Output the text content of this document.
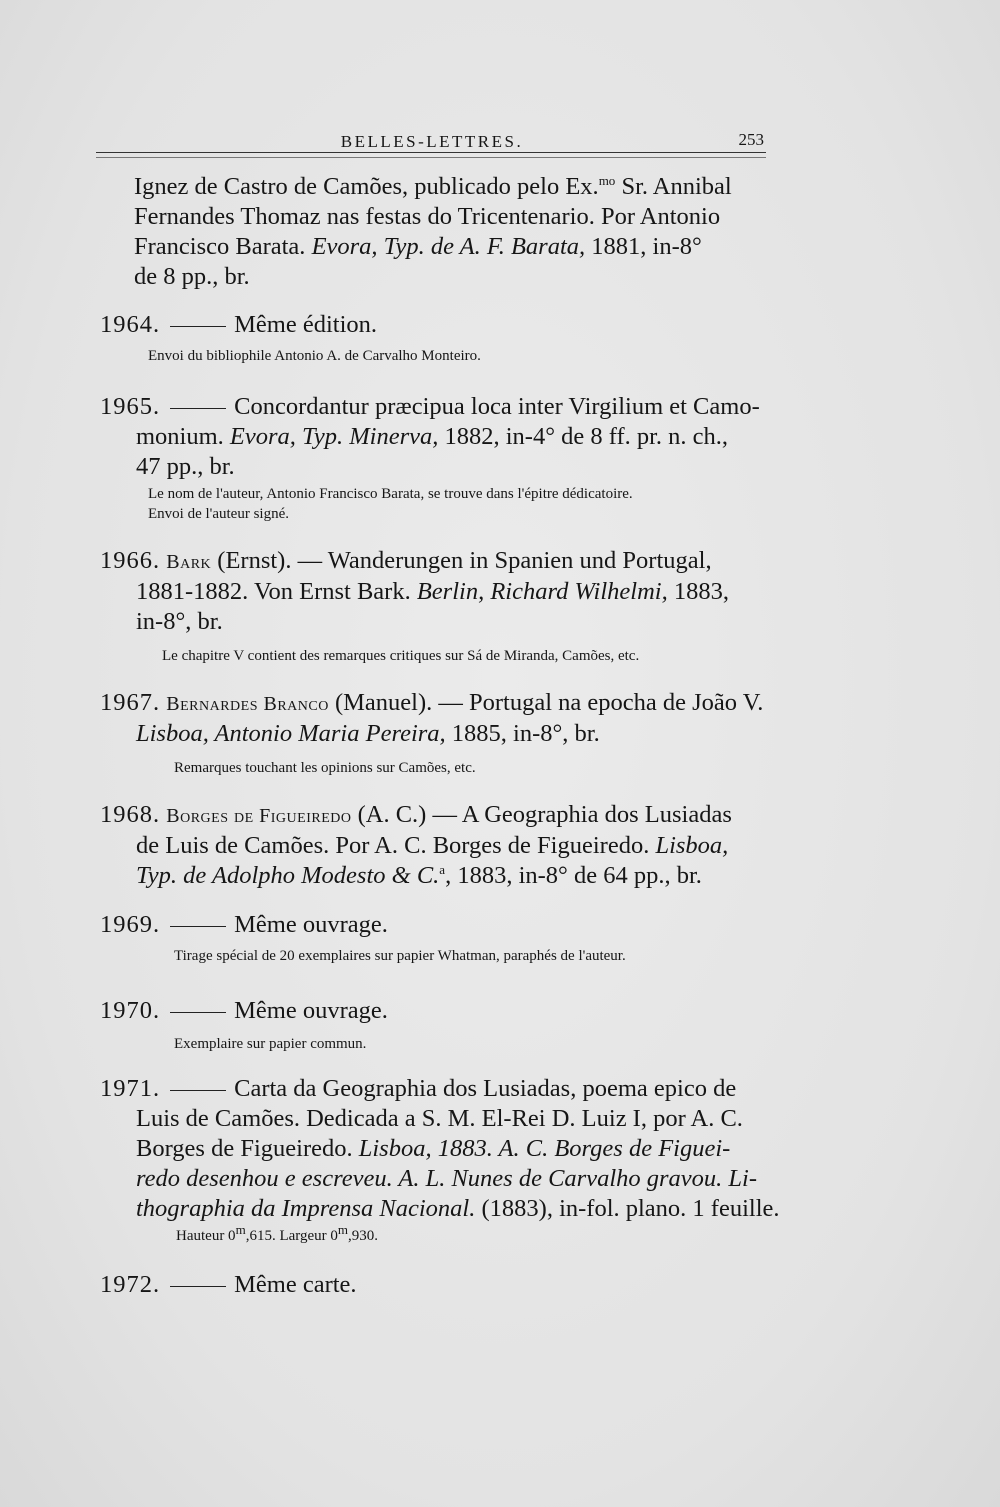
BELLES-LETTRES.	253
Ignez de Castro de Camões, publicado pelo Ex.$^{mo}$ Sr. Annibal
Fernandes Thomaz nas festas do Tricentenario. Por Antonio
Francisco Barata. Evora, Typ. de A. F. Barata, 1881, in-8°
de 8 pp., br.
1964.	Même édition.
Envoi du bibliophile Antonio A. de Carvalho Monteiro.
1965.	Concordantur præcipua loca inter Virgilium et Camo-
monium. Evora, Typ. Minerva, 1882, in-4° de 8 ff. pr. n. ch.,
47 pp., br.
Le nom de l'auteur, Antonio Francisco Barata, se trouve dans l'épitre dédicatoire.
Envoi de l'auteur signé.
1966. Bark (Ernst). — Wanderungen in Spanien und Portugal,
1881-1882. Von Ernst Bark. Berlin, Richard Wilhelmi, 1883,
in-8°, br.
Le chapitre V contient des remarques critiques sur Sá de Miranda, Camões, etc.
1967. Bernardes Branco (Manuel). — Portugal na epocha de João V.
Lisboa, Antonio Maria Pereira, 1885, in-8°, br.
Remarques touchant les opinions sur Camões, etc.
1968. Borges de Figueiredo (A. C.) — A Geographia dos Lusiadas
de Luis de Camões. Por A. C. Borges de Figueiredo. Lisboa,
Typ. de Adolpho Modesto & C.$^a$, 1883, in-8° de 64 pp., br.
1969.	Même ouvrage.
Tirage spécial de 20 exemplaires sur papier Whatman, paraphés de l'auteur.
1970.	Même ouvrage.
Exemplaire sur papier commun.
1971.	Carta da Geographia dos Lusiadas, poema epico de
Luis de Camões. Dedicada a S. M. El-Rei D. Luiz I, por A. C.
Borges de Figueiredo. Lisboa, 1883. A. C. Borges de Figuei-
redo desenhou e escreveu. A. L. Nunes de Carvalho gravou. Li-
thographia da Imprensa Nacional. (1883), in-fol. plano. 1 feuille.
Hauteur 0$^m$,615. Largeur 0$^m$,930.
1972.	Même carte.
